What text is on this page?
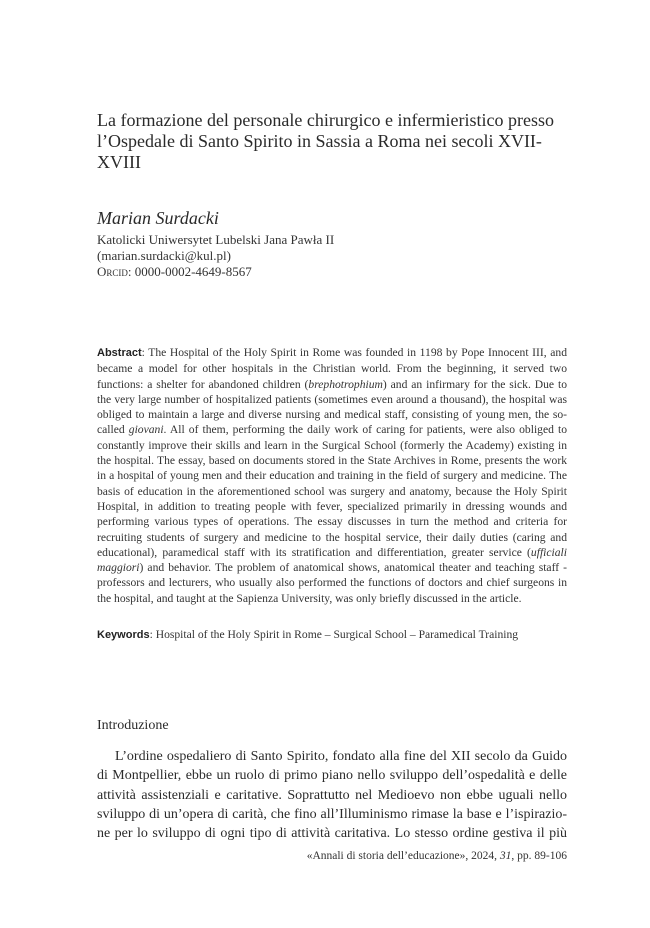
La formazione del personale chirurgico e infermieristico presso l’Ospedale di Santo Spirito in Sassia a Roma nei secoli XVII-XVIII
Marian Surdacki
Katolicki Uniwersytet Lubelski Jana Pawła II
(marian.surdacki@kul.pl)
Orcid: 0000-0002-4649-8567
Abstract: The Hospital of the Holy Spirit in Rome was founded in 1198 by Pope Innocent III, and became a model for other hospitals in the Christian world. From the beginning, it served two functions: a shelter for abandoned children (brephotrophium) and an infirmary for the sick. Due to the very large number of hospitalized patients (sometimes even around a thousand), the hospital was obliged to maintain a large and diverse nursing and medical staff, consisting of young men, the so-called giovani. All of them, performing the daily work of caring for patients, were also obliged to constantly improve their skills and learn in the Surgical School (formerly the Academy) existing in the hospital. The essay, based on documents stored in the State Archives in Rome, presents the work in a hospital of young men and their education and training in the field of surgery and medicine. The basis of education in the aforementioned school was surgery and anatomy, because the Holy Spirit Hospital, in addition to treating people with fever, specialized primarily in dressing wounds and performing various types of operations. The essay discusses in turn the method and criteria for recruiting students of surgery and medicine to the hospital service, their daily duties (caring and educational), paramedical staff with its stratification and differentiation, greater service (ufficiali maggiori) and behavior. The problem of anatomical shows, anatomical theater and teaching staff - professors and lecturers, who usually also performed the functions of doctors and chief surgeons in the hospital, and taught at the Sapienza University, was only briefly discussed in the article.
Keywords: Hospital of the Holy Spirit in Rome – Surgical School – Paramedical Training
Introduzione
L’ordine ospedaliero di Santo Spirito, fondato alla fine del XII secolo da Guido
di Montpellier, ebbe un ruolo di primo piano nello sviluppo dell’ospedalità e delle
attività assistenziali e caritative. Soprattutto nel Medioevo non ebbe uguali nello
sviluppo di un’opera di carità, che fino all’Illuminismo rimase la base e l’ispirazio-
ne per lo sviluppo di ogni tipo di attività caritativa. Lo stesso ordine gestiva il più
«Annali di storia dell’educazione», 2024, 31, pp. 89-106
